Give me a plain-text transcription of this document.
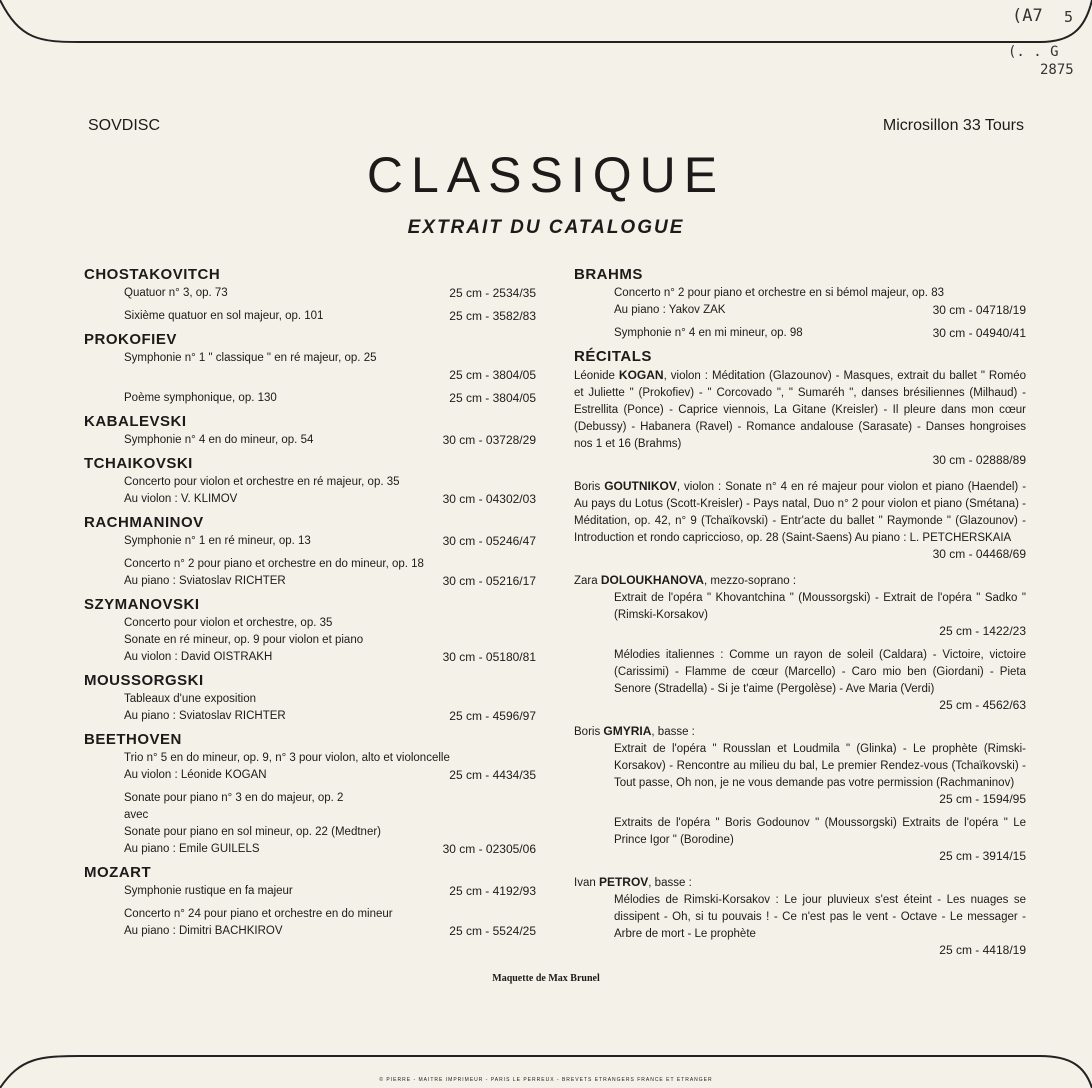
(A7 5
(. . G
2875
SOVDISC	Microsillon 33 Tours
CLASSIQUE
EXTRAIT DU CATALOGUE
CHOSTAKOVITCH
Quatuor n° 3, op. 73	25 cm - 2534/35
Sixième quatuor en sol majeur, op. 101	25 cm - 3582/83
PROKOFIEV
Symphonie n° 1 " classique " en ré majeur, op. 25
25 cm - 3804/05
Poème symphonique, op. 130	25 cm - 3804/05
KABALEVSKI
Symphonie n° 4 en do mineur, op. 54	30 cm - 03728/29
TCHAIKOVSKI
Concerto pour violon et orchestre en ré majeur, op. 35
Au violon : V. KLIMOV	30 cm - 04302/03
RACHMANINOV
Symphonie n° 1 en ré mineur, op. 13	30 cm - 05246/47
Concerto n° 2 pour piano et orchestre en do mineur, op. 18
Au piano : Sviatoslav RICHTER	30 cm - 05216/17
SZYMANOVSKI
Concerto pour violon et orchestre, op. 35
Sonate en ré mineur, op. 9 pour violon et piano
Au violon : David OISTRAKH	30 cm - 05180/81
MOUSSORGSKI
Tableaux d'une exposition
Au piano : Sviatoslav RICHTER	25 cm - 4596/97
BEETHOVEN
Trio n° 5 en do mineur, op. 9, n° 3 pour violon, alto et violoncelle
Au violon : Léonide KOGAN	25 cm - 4434/35
Sonate pour piano n° 3 en do majeur, op. 2
avec
Sonate pour piano en sol mineur, op. 22 (Medtner)
Au piano : Emile GUILELS	30 cm - 02305/06
MOZART
Symphonie rustique en fa majeur	25 cm - 4192/93
Concerto n° 24 pour piano et orchestre en do mineur
Au piano : Dimitri BACHKIROV	25 cm - 5524/25
BRAHMS
Concerto n° 2 pour piano et orchestre en si bémol majeur, op. 83
Au piano : Yakov ZAK	30 cm - 04718/19
Symphonie n° 4 en mi mineur, op. 98	30 cm - 04940/41
RÉCITALS
Léonide KOGAN, violon : Méditation (Glazounov) - Masques, extrait du ballet " Roméo et Juliette " (Prokofiev) - " Corcovado ", " Sumaréh ", danses brésiliennes (Milhaud) - Estrellita (Ponce) - Caprice viennois, La Gitane (Kreisler) - Il pleure dans mon cœur (Debussy) - Habanera (Ravel) - Romance andalouse (Sarasate) - Danses hongroises nos 1 et 16 (Brahms)
30 cm - 02888/89
Boris GOUTNIKOV, violon : Sonate n° 4 en ré majeur pour violon et piano (Haendel) - Au pays du Lotus (Scott-Kreisler) - Pays natal, Duo n° 2 pour violon et piano (Smétana) - Méditation, op. 42, n° 9 (Tchaïkovski) - Entr'acte du ballet " Raymonde " (Glazounov) - Introduction et rondo capriccioso, op. 28 (Saint-Saens) Au piano : L. PETCHERSKAIA
30 cm - 04468/69
Zara DOLOUKHANOVA, mezzo-soprano :
Extrait de l'opéra " Khovantchina " (Moussorgski) - Extrait de l'opéra " Sadko " (Rimski-Korsakov)
25 cm - 1422/23
Mélodies italiennes : Comme un rayon de soleil (Caldara) - Victoire, victoire (Carissimi) - Flamme de cœur (Marcello) - Caro mio ben (Giordani) - Pieta Senore (Stradella) - Si je t'aime (Pergolèse) - Ave Maria (Verdi)
25 cm - 4562/63
Boris GMYRIA, basse :
Extrait de l'opéra " Rousslan et Loudmila " (Glinka) - Le prophète (Rimski-Korsakov) - Rencontre au milieu du bal, Le premier Rendez-vous (Tchaïkovski) - Tout passe, Oh non, je ne vous demande pas votre permission (Rachmaninov)
25 cm - 1594/95
Extraits de l'opéra " Boris Godounov " (Moussorgski) Extraits de l'opéra " Le Prince Igor " (Borodine)
25 cm - 3914/15
Ivan PETROV, basse :
Mélodies de Rimski-Korsakov : Le jour pluvieux s'est éteint - Les nuages se dissipent - Oh, si tu pouvais ! - Ce n'est pas le vent - Octave - Le messager - Arbre de mort - Le prophète
25 cm - 4418/19
Maquette de Max Brunel
© PIERRE - MAITRE IMPRIMEUR - PARIS LE PERREUX - BREVETS ETRANGERS FRANCE ET ETRANGER
